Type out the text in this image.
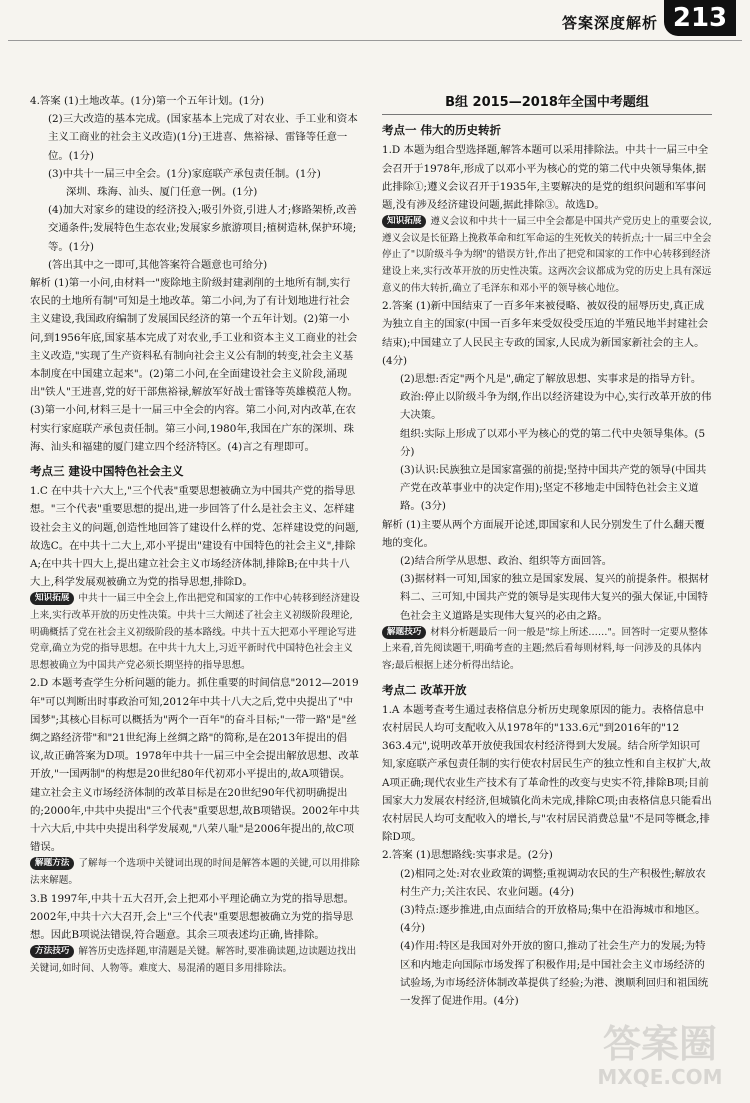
答案深度解析 213

4.答案 (1)土地改革。(1分)第一个五年计划。(1分)

(2)三大改造的基本完成。(国家基本上完成了对农业、手工业和资本主义工商业的社会主义改造)(1分)王进喜、焦裕禄、雷锋等任意一位。(1分)

(3)中共十一届三中全会。(1分)家庭联产承包责任制。(1分)

深圳、珠海、汕头、厦门任意一例。(1分)

(4)加大对家乡的建设的经济投入;吸引外资,引进人才;修路架桥,改善交通条件;发展特色生态农业;发展家乡旅游项目;植树造林,保护环境;等。(1分)

(答出其中之一即可,其他答案符合题意也可给分)

解析 (1)第一小问,由材料一"废除地主阶级封建剥削的土地所有制,实行农民的土地所有制"可知是土地改革。第二小问,为了有计划地进行社会主义建设,我国政府编制了发展国民经济的第一个五年计划。(2)第一小问,到1956年底,国家基本完成了对农业,手工业和资本主义工商业的社会主义改造,"实现了生产资料私有制向社会主义公有制的转变,社会主义基本制度在中国建立起来"。(2)第二小问,在全面建设社会主义阶段,涌现出"铁人"王进喜,党的好干部焦裕禄,解放军好战士雷锋等英雄模范人物。(3)第一小问,材料三是十一届三中全会的内容。第二小问,对内改革,在农村实行家庭联产承包责任制。第三小问,1980年,我国在广东的深圳、珠海、汕头和福建的厦门建立四个经济特区。(4)言之有理即可。

考点三 建设中国特色社会主义

1.C 在中共十六大上,"三个代表"重要思想被确立为中国共产党的指导思想。"三个代表"重要思想的提出,进一步回答了什么是社会主义、怎样建设社会主义的问题,创造性地回答了建设什么样的党、怎样建设党的问题,故选C。在中共十二大上,邓小平提出"建设有中国特色的社会主义",排除A;在中共十四大上,提出建立社会主义市场经济体制,排除B;在中共十八大上,科学发展观被确立为党的指导思想,排除D。

知识拓展 中共十一届三中全会上,作出把党和国家的工作中心转移到经济建设上来,实行改革开放的历史性决策。中共十三大阐述了社会主义初级阶段理论,明确概括了党在社会主义初级阶段的基本路线。中共十五大把邓小平理论写进党章,确立为党的指导思想。在中共十九大上,习近平新时代中国特色社会主义思想被确立为中国共产党必须长期坚持的指导思想。

2.D 本题考查学生分析问题的能力。抓住重要的时间信息"2012—2019年"可以判断出时事政治可知,2012年中共十八大之后,党中央提出了"中国梦";其核心目标可以概括为"两个一百年"的奋斗目标;"一带一路"是"丝绸之路经济带"和"21世纪海上丝绸之路"的简称,是在2013年提出的倡议,故正确答案为D项。1978年中共十一届三中全会提出解放思想、改革开放,"一国两制"的构想是20世纪80年代初邓小平提出的,故A项错误。建立社会主义市场经济体制的改革目标是在20世纪90年代初明确提出的;2000年,中共中央提出"三个代表"重要思想,故B项错误。2002年中共十六大后,中共中央提出科学发展观,"八荣八耻"是2006年提出的,故C项错误。

解题方法 了解每一个选项中关键词出现的时间是解答本题的关键,可以用排除法来解题。

3.B 1997年,中共十五大召开,会上把邓小平理论确立为党的指导思想。2002年,中共十六大召开,会上"三个代表"重要思想被确立为党的指导思想。因此B项说法错误,符合题意。其余三项表述均正确,皆排除。

方法技巧 解答历史选择题,审清题是关键。解答时,要准确读题,边读题边找出关键词,如时间、人物等。难度大、易混淆的题目多用排除法。

B组 2015—2018年全国中考题组
考点一 伟大的历史转折

1.D 本题为组合型选择题,解答本题可以采用排除法。中共十一届三中全会召开于1978年,形成了以邓小平为核心的党的第二代中央领导集体,据此排除①;遵义会议召开于1935年,主要解决的是党的组织问题和军事问题,没有涉及经济建设问题,据此排除③。故选D。

知识拓展 遵义会议和中共十一届三中全会都是中国共产党历史上的重要会议,遵义会议是长征路上挽救革命和红军命运的生死攸关的转折点;十一届三中全会停止了"以阶级斗争为纲"的错误方针,作出了把党和国家的工作中心转移到经济建设上来,实行改革开放的历史性决策。这两次会议都成为党的历史上具有深远意义的伟大转折,确立了毛泽东和邓小平的领导核心地位。

2.答案 (1)新中国结束了一百多年来被侵略、被奴役的屈辱历史,真正成为独立自主的国家(中国一百多年来受奴役受压迫的半殖民地半封建社会结束);中国建立了人民民主专政的国家,人民成为新国家新社会的主人。(4分)

(2)思想:否定"两个凡是",确定了解放思想、实事求是的指导方针。

政治:停止以阶级斗争为纲,作出以经济建设为中心,实行改革开放的伟大决策。

组织:实际上形成了以邓小平为核心的党的第二代中央领导集体。(5分)

(3)认识:民族独立是国家富强的前提;坚持中国共产党的领导(中国共产党在改革事业中的决定作用);坚定不移地走中国特色社会主义道路。(3分)

解析 (1)主要从两个方面展开论述,即国家和人民分别发生了什么翻天覆地的变化。

(2)结合所学从思想、政治、组织等方面回答。

(3)据材料一可知,国家的独立是国家发展、复兴的前提条件。根据材料二、三可知,中国共产党的领导是实现伟大复兴的强大保证,中国特色社会主义道路是实现伟大复兴的必由之路。

解题技巧 材料分析题最后一问一般是"综上所述……"。回答时一定要从整体上来看,首先阅读题干,明确考查的主题;然后看每则材料,每一问涉及的具体内容;最后根据上述分析得出结论。

考点二 改革开放

1.A 本题考查考生通过表格信息分析历史现象原因的能力。表格信息中农村居民人均可支配收入从1978年的"133.6元"到2016年的"12 363.4元",说明改革开放使我国农村经济得到大发展。结合所学知识可知,家庭联产承包责任制的实行使农村居民生产的独立性和自主权扩大,故A项正确;现代农业生产技术有了革命性的改变与史实不符,排除B项;目前国家大力发展农村经济,但城镇化尚未完成,排除C项;由表格信息只能看出农村居民人均可支配收入的增长,与"农村居民消费总量"不是同等概念,排除D项。

2.答案 (1)思想路线:实事求是。(2分)

(2)相同之处:对农业政策的调整;重视调动农民的生产积极性;解放农村生产力;关注农民、农业问题。(4分)

(3)特点:逐步推进,由点面结合的开放格局;集中在沿海城市和地区。(4分)

(4)作用:特区是我国对外开放的窗口,推动了社会生产力的发展;为特区和内地走向国际市场发挥了积极作用;是中国社会主义市场经济的试验场,为市场经济体制改革提供了经验;为港、澳顺利回归和祖国统一发挥了促进作用。(4分)

答案圈
MXQE.COM
